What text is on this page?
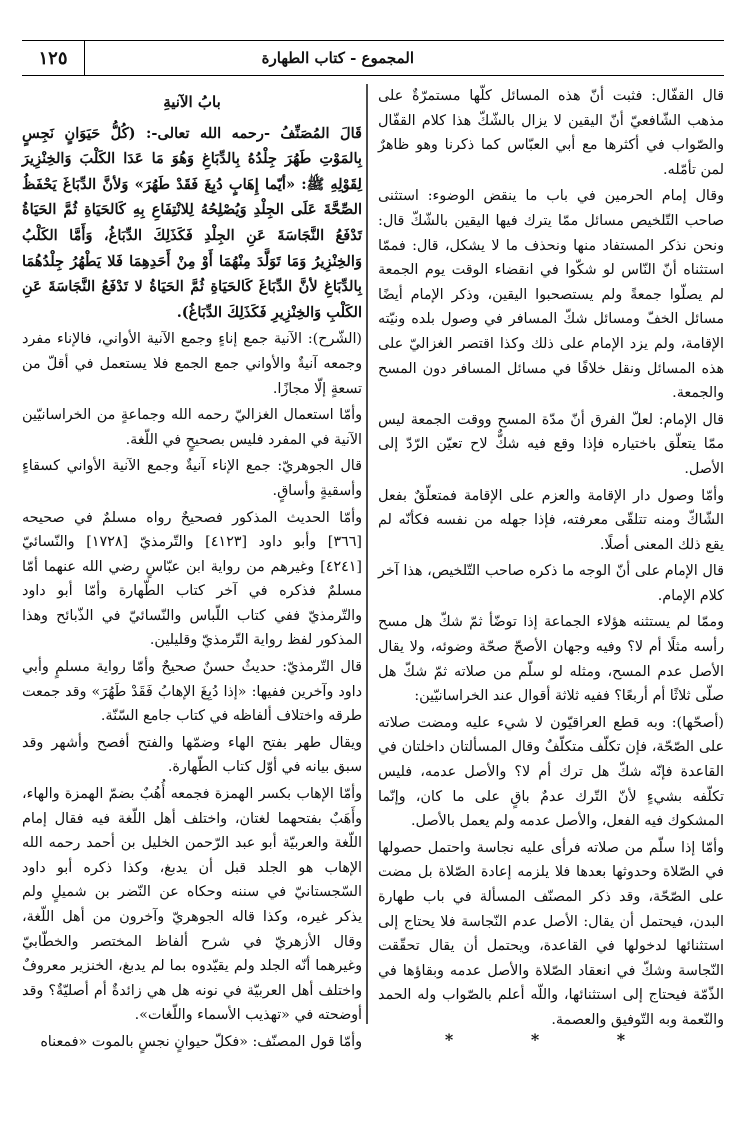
١٢٥	المجموع - كتاب الطهارة

قال القفّال: فثبت أنّ هذه المسائل كلّها مستمرّةٌ على مذهب الشّافعيّ أنّ اليقين لا يزال بالشّكّ هذا كلام القفّال والصّواب في أكثرها مع أبي العبّاس كما ذكرنا وهو ظاهرٌ لمن تأمّله.

وقال إمام الحرمين في باب ما ينقض الوضوء: استثنى صاحب التّلخيص مسائل ممّا يترك فيها اليقين بالشّكّ قال: ونحن نذكر المستفاد منها ونحذف ما لا يشكل، قال: فممّا استثناه أنّ النّاس لو شكّوا في انقضاء الوقت يوم الجمعة لم يصلّوا جمعةً ولم يستصحبوا اليقين، وذكر الإمام أيضًا مسائل الخفّ ومسائل شكّ المسافر في وصول بلده ونيّته الإقامة، ولم يزد الإمام على ذلك وكذا اقتصر الغزاليّ على هذه المسائل ونقل خلافًا في مسائل المسافر دون المسح والجمعة.

قال الإمام: لعلّ الفرق أنّ مدّة المسح ووقت الجمعة ليس ممّا يتعلّق باختياره فإذا وقع فيه شكٌّ لاح تعيّن الرّدّ إلى الأصل.

وأمّا وصول دار الإقامة والعزم على الإقامة فمتعلّقٌ بفعل الشّاكّ ومنه تتلقّى معرفته، فإذا جهله من نفسه فكأنّه لم يقع ذلك المعنى أصلًا.

قال الإمام على أنّ الوجه ما ذكره صاحب التّلخيص، هذا آخر كلام الإمام.

وممّا لم يستثنه هؤلاء الجماعة إذا توضّأ ثمّ شكّ هل مسح رأسه مثلًا أم لا؟ وفيه وجهان الأصحّ صحّة وضوئه، ولا يقال الأصل عدم المسح، ومثله لو سلّم من صلاته ثمّ شكّ هل صلّى ثلاثًا أم أربعًا؟ ففيه ثلاثة أقوال عند الخراسانيّين:

(أصحّها): وبه قطع العراقيّون لا شيء عليه ومضت صلاته على الصّحّة، فإن تكلّف متكلّفٌ وقال المسألتان داخلتان في القاعدة فإنّه شكّ هل ترك أم لا؟ والأصل عدمه، فليس تكلّفه بشيءٍ لأنّ التّرك عدمٌ باقٍ على ما كان، وإنّما المشكوك فيه الفعل، والأصل عدمه ولم يعمل بالأصل.

وأمّا إذا سلّم من صلاته فرأى عليه نجاسة واحتمل حصولها في الصّلاة وحدوثها بعدها فلا يلزمه إعادة الصّلاة بل مضت على الصّحّة، وقد ذكر المصنّف المسألة في باب طهارة البدن، فيحتمل أن يقال: الأصل عدم النّجاسة فلا يحتاج إلى استثنائها لدخولها في القاعدة، ويحتمل أن يقال تحقّقت النّجاسة وشكّ في انعقاد الصّلاة والأصل عدمه وبقاؤها في الذّمّة فيحتاج إلى استثنائها، واللّه أعلم بالصّواب وله الحمد والنّعمة وبه التّوفيق والعصمة.

* * *

بابُ الآنيةِ

قَالَ المُصَنِّفُ -رحمه الله تعالى-: (كُلُّ حَيَوَانٍ نَجِسٍ بِالمَوْتِ طَهُرَ جِلْدُهُ بِالدِّبَاغِ وَهُوَ مَا عَدَا الكَلْبَ وَالخِنْزِيرَ لِقَوْلِهِ ﷺ: «أيّما إِهَابٍ دُبِغَ فَقَدْ طَهُرَ» وَلأنَّ الدِّبَاغَ يَحْفَظُ الصِّحَّةَ عَلَى الجِلْدِ وَيُصْلِحُهُ لِلانْتِفَاعِ بِهِ كَالحَيَاةِ ثُمَّ الحَيَاةُ تَدْفَعُ النَّجَاسَةَ عَنِ الجِلْدِ فَكَذَلِكَ الدِّبَاغُ، وَأَمَّا الكَلْبُ وَالخِنْزِيرُ وَمَا تَوَلَّدَ مِنْهُمَا أَوْ مِنْ أَحَدِهِمَا فَلا يَطْهُرُ جِلْدُهُمَا بِالدِّبَاغِ لأنَّ الدِّبَاغَ كَالحَيَاةِ ثُمَّ الحَيَاةُ لا تَدْفَعُ النَّجَاسَةَ عَنِ الكَلْبِ وَالخِنْزِيرِ فَكَذَلِكَ الدِّبَاغُ).

(الشّرح): الآنية جمع إناءٍ وجمع الآنية الأواني، فالإناء مفرد وجمعه آنيةٌ والأواني جمع الجمع فلا يستعمل في أقلّ من تسعةٍ إلّا مجازًا.

وأمّا استعمال الغزاليّ رحمه الله وجماعةٍ من الخراسانيّين الآنية في المفرد فليس بصحيحٍ في اللّغة.

قال الجوهريّ: جمع الإناء آنيةٌ وجمع الآنية الأواني كسقاءٍ وأسقيةٍ وأساقٍ.

وأمّا الحديث المذكور فصحيحٌ رواه مسلمٌ في صحيحه [٣٦٦] وأبو داود [٤١٢٣] والتّرمذيّ [١٧٢٨] والنّسائيّ [٤٢٤١] وغيرهم من رواية ابن عبّاسٍ رضي الله عنهما أمّا مسلمٌ فذكره في آخر كتاب الطّهارة وأمّا أبو داود والتّرمذيّ ففي كتاب اللّباس والنّسائيّ في الذّبائح وهذا المذكور لفظ رواية التّرمذيّ وقليلين.

قال التّرمذيّ: حديثٌ حسنٌ صحيحٌ وأمّا رواية مسلمٍ وأبي داود وآخرين ففيها: «إذا دُبِغَ الإهابُ فَقَدْ طَهُرَ» وقد جمعت طرقه واختلاف ألفاظه في كتاب جامع السّنّة.

ويقال طهر بفتح الهاء وضمّها والفتح أفصح وأشهر وقد سبق بيانه في أوّل كتاب الطّهارة.

وأمّا الإهاب بكسر الهمزة فجمعه أُهُبٌ بضمّ الهمزة والهاء، وأَهَبٌ بفتحهما لغتان، واختلف أهل اللّغة فيه فقال إمام اللّغة والعربيّة أبو عبد الرّحمن الخليل بن أحمد رحمه الله الإهاب هو الجلد قبل أن يدبغ، وكذا ذكره أبو داود السّجستانيّ في سننه وحكاه عن النّضر بن شميلٍ ولم يذكر غيره، وكذا قاله الجوهريّ وآخرون من أهل اللّغة، وقال الأزهريّ في شرح ألفاظ المختصر والخطّابيّ وغيرهما أنّه الجلد ولم يقيّدوه بما لم يدبغ، الخنزير معروفٌ واختلف أهل العربيّة في نونه هل هي زائدةٌ أم أصليّةٌ؟ وقد أوضحته في «تهذيب الأسماء واللّغات».

وأمّا قول المصنّف: «فكلّ حيوانٍ نجسٍ بالموت «فمعناه
